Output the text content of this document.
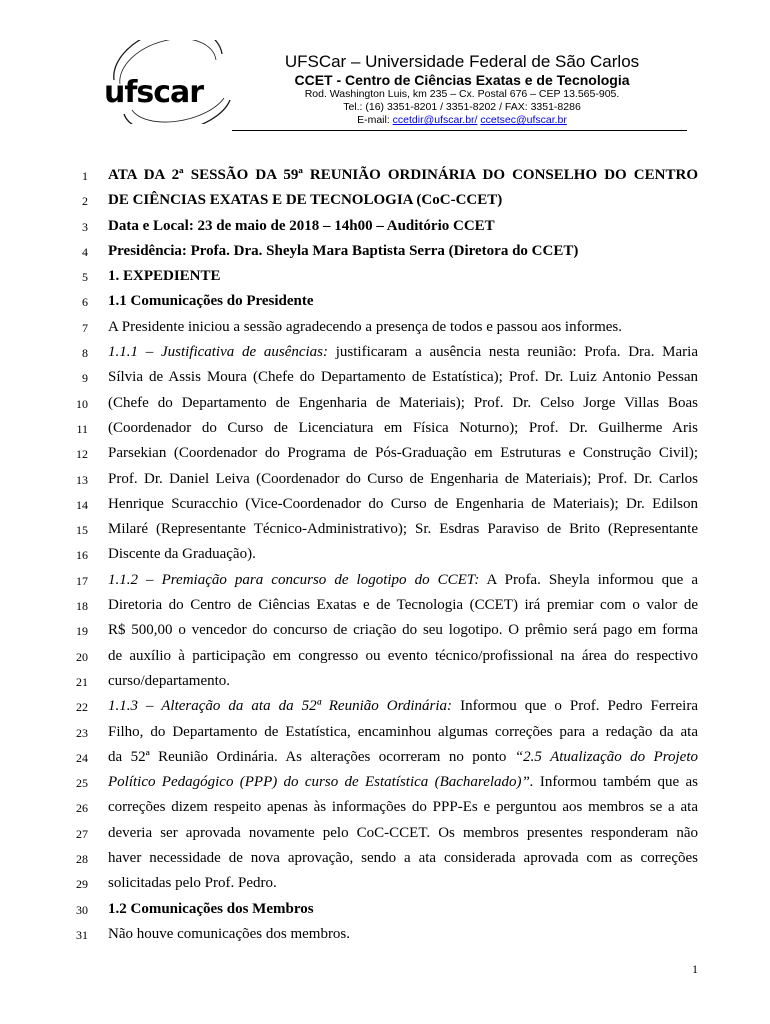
ufscar
UFSCar – Universidade Federal de São Carlos
CCET - Centro de Ciências Exatas e de Tecnologia
Rod. Washington Luis, km 235 – Cx. Postal 676 – CEP 13.565-905.
Tel.: (16) 3351-8201 / 3351-8202 / FAX: 3351-8286
E-mail: ccetdir@ufscar.br/ ccetsec@ufscar.br
1 ATA DA 2ª SESSÃO DA 59ª REUNIÃO ORDINÁRIA DO CONSELHO DO CENTRO
2 DE CIÊNCIAS EXATAS E DE TECNOLOGIA (CoC-CCET)
3 Data e Local: 23 de maio de 2018 – 14h00 – Auditório CCET
4 Presidência: Profa. Dra. Sheyla Mara Baptista Serra (Diretora do CCET)
5 1. EXPEDIENTE
6 1.1 Comunicações do Presidente
7 A Presidente iniciou a sessão agradecendo a presença de todos e passou aos informes.
8 1.1.1 – Justificativa de ausências: justificaram a ausência nesta reunião: Profa. Dra. Maria
9 Sílvia de Assis Moura (Chefe do Departamento de Estatística); Prof. Dr. Luiz Antonio Pessan
10 (Chefe do Departamento de Engenharia de Materiais); Prof. Dr. Celso Jorge Villas Boas
11 (Coordenador do Curso de Licenciatura em Física Noturno); Prof. Dr. Guilherme Aris
12 Parsekian (Coordenador do Programa de Pós-Graduação em Estruturas e Construção Civil);
13 Prof. Dr. Daniel Leiva (Coordenador do Curso de Engenharia de Materiais); Prof. Dr. Carlos
14 Henrique Scuracchio (Vice-Coordenador do Curso de Engenharia de Materiais); Dr. Edilson
15 Milaré (Representante Técnico-Administrativo); Sr. Esdras Paraviso de Brito (Representante
16 Discente da Graduação).
17 1.1.2 – Premiação para concurso de logotipo do CCET: A Profa. Sheyla informou que a
18 Diretoria do Centro de Ciências Exatas e de Tecnologia (CCET) irá premiar com o valor de
19 R$ 500,00 o vencedor do concurso de criação do seu logotipo. O prêmio será pago em forma
20 de auxílio à participação em congresso ou evento técnico/profissional na área do respectivo
21 curso/departamento.
22 1.1.3 – Alteração da ata da 52ª Reunião Ordinária: Informou que o Prof. Pedro Ferreira
23 Filho, do Departamento de Estatística, encaminhou algumas correções para a redação da ata
24 da 52ª Reunião Ordinária. As alterações ocorreram no ponto “2.5 Atualização do Projeto
25 Político Pedagógico (PPP) do curso de Estatística (Bacharelado)”. Informou também que as
26 correções dizem respeito apenas às informações do PPP-Es e perguntou aos membros se a ata
27 deveria ser aprovada novamente pelo CoC-CCET. Os membros presentes responderam não
28 haver necessidade de nova aprovação, sendo a ata considerada aprovada com as correções
29 solicitadas pelo Prof. Pedro.
30 1.2 Comunicações dos Membros
31 Não houve comunicações dos membros.
1
